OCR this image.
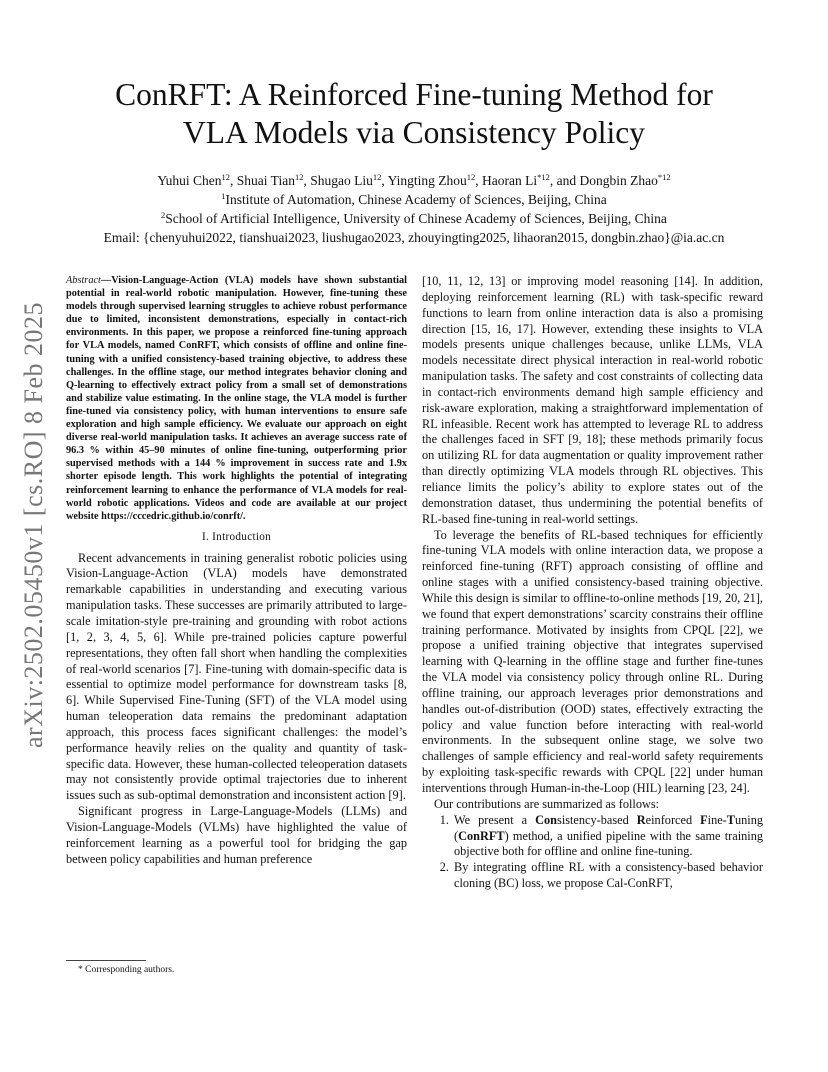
arXiv:2502.05450v1 [cs.RO] 8 Feb 2025
ConRFT: A Reinforced Fine-tuning Method for
VLA Models via Consistency Policy
Yuhui Chen$^{12}$, Shuai Tian$^{12}$, Shugao Liu$^{12}$, Yingting Zhou$^{12}$, Haoran Li$^{*12}$, and Dongbin Zhao$^{*12}$
$^1$Institute of Automation, Chinese Academy of Sciences, Beijing, China
$^2$School of Artificial Intelligence, University of Chinese Academy of Sciences, Beijing, China
Email: {chenyuhui2022, tianshuai2023, liushugao2023, zhouyingting2025, lihaoran2015, dongbin.zhao}@ia.ac.cn

Abstract—Vision-Language-Action (VLA) models have shown substantial potential in real-world robotic manipulation. However, fine-tuning these models through supervised learning struggles to achieve robust performance due to limited, inconsistent demonstrations, especially in contact-rich environments. In this paper, we propose a reinforced fine-tuning approach for VLA models, named ConRFT, which consists of offline and online fine-tuning with a unified consistency-based training objective, to address these challenges. In the offline stage, our method integrates behavior cloning and Q-learning to effectively extract policy from a small set of demonstrations and stabilize value estimating. In the online stage, the VLA model is further fine-tuned via consistency policy, with human interventions to ensure safe exploration and high sample efficiency. We evaluate our approach on eight diverse real-world manipulation tasks. It achieves an average success rate of 96.3 % within 45–90 minutes of online fine-tuning, outperforming prior supervised methods with a 144 % improvement in success rate and 1.9x shorter episode length. This work highlights the potential of integrating reinforcement learning to enhance the performance of VLA models for real-world robotic applications. Videos and code are available at our project website https://cccedric.github.io/conrft/.

I. Introduction

Recent advancements in training generalist robotic policies using Vision-Language-Action (VLA) models have demonstrated remarkable capabilities in understanding and executing various manipulation tasks. These successes are primarily attributed to large-scale imitation-style pre-training and grounding with robot actions [1, 2, 3, 4, 5, 6]. While pre-trained policies capture powerful representations, they often fall short when handling the complexities of real-world scenarios [7]. Fine-tuning with domain-specific data is essential to optimize model performance for downstream tasks [8, 6]. While Supervised Fine-Tuning (SFT) of the VLA model using human teleoperation data remains the predominant adaptation approach, this process faces significant challenges: the model’s performance heavily relies on the quality and quantity of task-specific data. However, these human-collected teleoperation datasets may not consistently provide optimal trajectories due to inherent issues such as sub-optimal demonstration and inconsistent action [9].

Significant progress in Large-Language-Models (LLMs) and Vision-Language-Models (VLMs) have highlighted the value of reinforcement learning as a powerful tool for bridging the gap between policy capabilities and human preference

[10, 11, 12, 13] or improving model reasoning [14]. In addition, deploying reinforcement learning (RL) with task-specific reward functions to learn from online interaction data is also a promising direction [15, 16, 17]. However, extending these insights to VLA models presents unique challenges because, unlike LLMs, VLA models necessitate direct physical interaction in real-world robotic manipulation tasks. The safety and cost constraints of collecting data in contact-rich environments demand high sample efficiency and risk-aware exploration, making a straightforward implementation of RL infeasible. Recent work has attempted to leverage RL to address the challenges faced in SFT [9, 18]; these methods primarily focus on utilizing RL for data augmentation or quality improvement rather than directly optimizing VLA models through RL objectives. This reliance limits the policy’s ability to explore states out of the demonstration dataset, thus undermining the potential benefits of RL-based fine-tuning in real-world settings.

To leverage the benefits of RL-based techniques for efficiently fine-tuning VLA models with online interaction data, we propose a reinforced fine-tuning (RFT) approach consisting of offline and online stages with a unified consistency-based training objective. While this design is similar to offline-to-online methods [19, 20, 21], we found that expert demonstrations’ scarcity constrains their offline training performance. Motivated by insights from CPQL [22], we propose a unified training objective that integrates supervised learning with Q-learning in the offline stage and further fine-tunes the VLA model via consistency policy through online RL. During offline training, our approach leverages prior demonstrations and handles out-of-distribution (OOD) states, effectively extracting the policy and value function before interacting with real-world environments. In the subsequent online stage, we solve two challenges of sample efficiency and real-world safety requirements by exploiting task-specific rewards with CPQL [22] under human interventions through Human-in-the-Loop (HIL) learning [23, 24].

Our contributions are summarized as follows:

1. We present a Consistency-based Reinforced Fine-Tuning (ConRFT) method, a unified pipeline with the same training objective both for offline and online fine-tuning.
2. By integrating offline RL with a consistency-based behavior cloning (BC) loss, we propose Cal-ConRFT,
* Corresponding authors.
